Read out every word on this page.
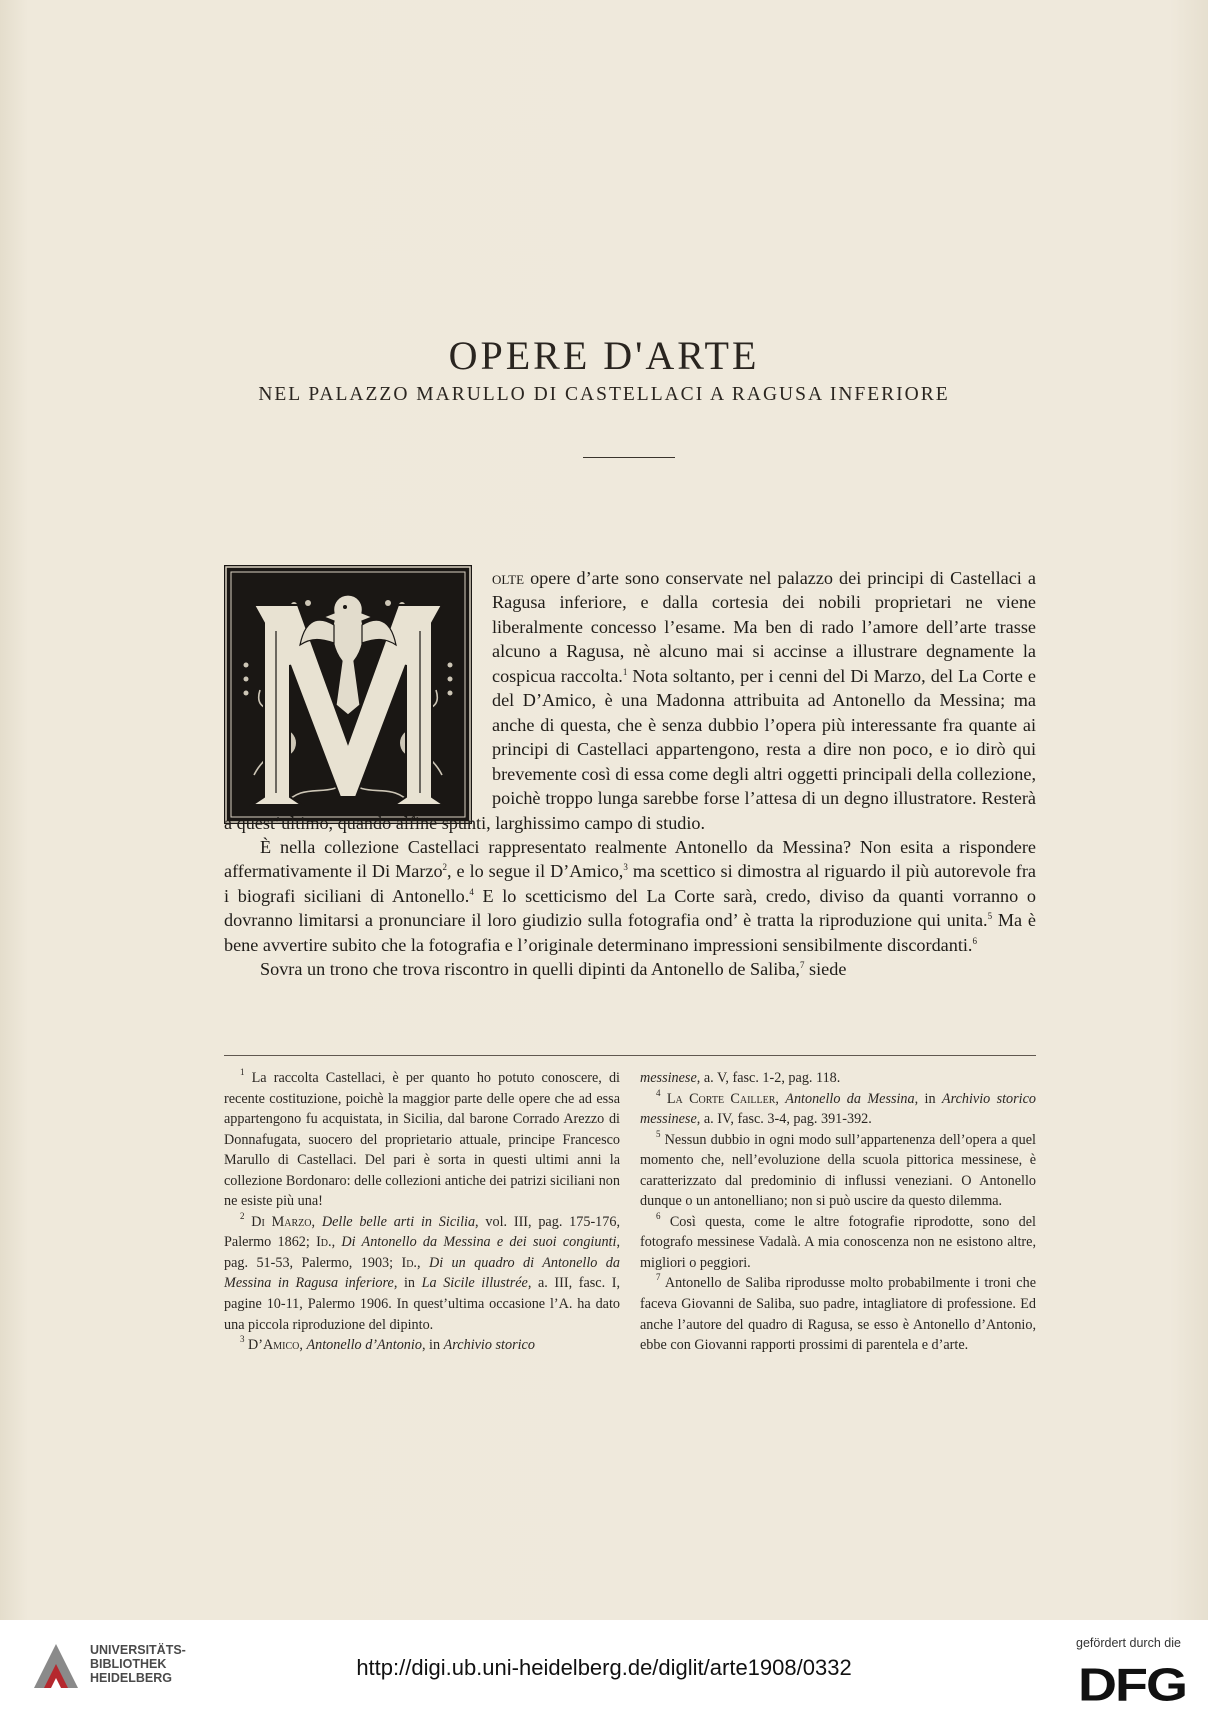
OPERE D'ARTE
NEL PALAZZO MARULLO DI CASTELLACI A RAGUSA INFERIORE

olte opere d’arte sono conservate nel palazzo dei principi di Castellaci a Ragusa inferiore, e dalla cortesia dei nobili proprietari ne viene liberalmente concesso l’esame. Ma ben di rado l’amore dell’arte trasse alcuno a Ragusa, nè alcuno mai si accinse a illustrare degnamente la cospicua raccolta.$^1$ Nota soltanto, per i cenni del Di Marzo, del La Corte e del D’Amico, è una Madonna attribuita ad Antonello da Messina; ma anche di questa, che è senza dubbio l’opera più interessante fra quante ai principi di Castellaci appartengono, resta a dire non poco, e io dirò qui brevemente così di essa come degli altri oggetti principali della collezione, poichè troppo lunga sarebbe forse l’attesa di un degno illustratore. Resterà a quest’ultimo, quando alfine spunti, larghissimo campo di studio.

È nella collezione Castellaci rappresentato realmente Antonello da Messina? Non esita a rispondere affermativamente il Di Marzo$^2$, e lo segue il D’Amico,$^3$ ma scettico si dimostra al riguardo il più autorevole fra i biografi siciliani di Antonello.$^4$ E lo scetticismo del La Corte sarà, credo, diviso da quanti vorranno o dovranno limitarsi a pronunciare il loro giudizio sulla fotografia ond’ è tratta la riproduzione qui unita.$^5$ Ma è bene avvertire subito che la fotografia e l’originale determinano impressioni sensibilmente discordanti.$^6$

Sovra un trono che trova riscontro in quelli dipinti da Antonello de Saliba,$^7$ siede

$^1$ La raccolta Castellaci, è per quanto ho potuto conoscere, di recente costituzione, poichè la maggior parte delle opere che ad essa appartengono fu acquistata, in Sicilia, dal barone Corrado Arezzo di Donnafugata, suocero del proprietario attuale, principe Francesco Marullo di Castellaci. Del pari è sorta in questi ultimi anni la collezione Bordonaro: delle collezioni antiche dei patrizi siciliani non ne esiste più una!

$^2$ Di Marzo, Delle belle arti in Sicilia, vol. III, pag. 175-176, Palermo 1862; Id., Di Antonello da Messina e dei suoi congiunti, pag. 51-53, Palermo, 1903; Id., Di un quadro di Antonello da Messina in Ragusa inferiore, in La Sicile illustrée, a. III, fasc. I, pagine 10-11, Palermo 1906. In quest’ultima occasione l’A. ha dato una piccola riproduzione del dipinto.

$^3$ D’Amico, Antonello d’Antonio, in Archivio storico

messinese, a. V, fasc. 1-2, pag. 118.

$^4$ La Corte Cailler, Antonello da Messina, in Archivio storico messinese, a. IV, fasc. 3-4, pag. 391-392.

$^5$ Nessun dubbio in ogni modo sull’appartenenza dell’opera a quel momento che, nell’evoluzione della scuola pittorica messinese, è caratterizzato dal predominio di influssi veneziani. O Antonello dunque o un antonelliano; non si può uscire da questo dilemma.

$^6$ Così questa, come le altre fotografie riprodotte, sono del fotografo messinese Vadalà. A mia conoscenza non ne esistono altre, migliori o peggiori.

$^7$ Antonello de Saliba riprodusse molto probabilmente i troni che faceva Giovanni de Saliba, suo padre, intagliatore di professione. Ed anche l’autore del quadro di Ragusa, se esso è Antonello d’Antonio, ebbe con Giovanni rapporti prossimi di parentela e d’arte.

UNIVERSITÄTS-
BIBLIOTHEK
HEIDELBERG	http://digi.ub.uni-heidelberg.de/diglit/arte1908/0332
gefördert durch die
DFG
